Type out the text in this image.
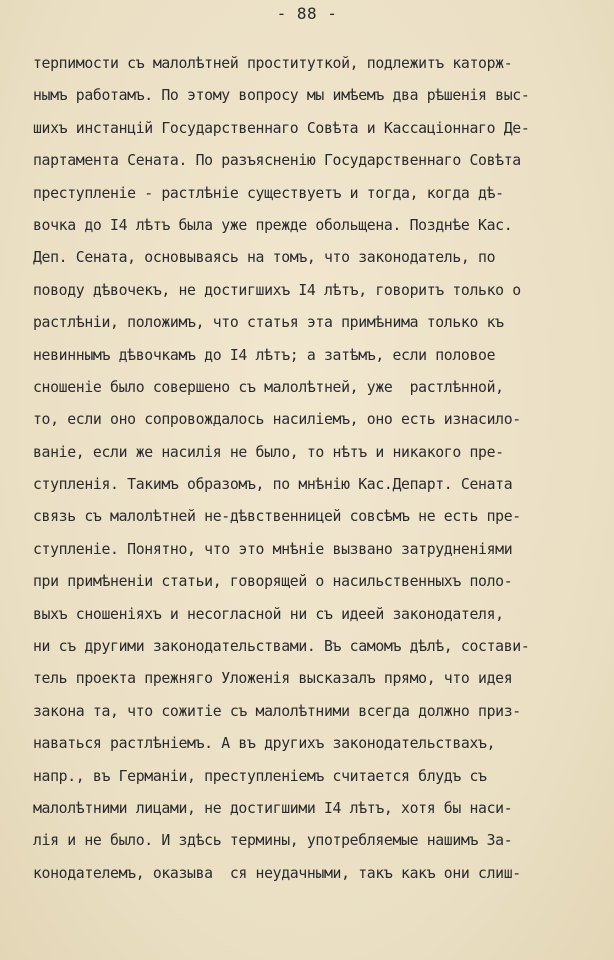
- 88 -
терпимости съ малолѣтней проституткой, подлежитъ каторж-
нымъ работамъ. По этому вопросу мы имѣемъ два рѣшенія выс-
шихъ инстанцій Государственнаго Совѣта и Кассаціоннаго Де-
партамента Сената. По разъясненію Государственнаго Совѣта
преступленіе - растлѣніе существуетъ и тогда, когда дѣ-
вочка до I4 лѣтъ была уже прежде обольщена. Позднѣе Кас.
Деп. Сената, основываясь на томъ, что законодатель, по
поводу дѣвочекъ, не достигшихъ I4 лѣтъ, говоритъ только о
растлѣніи, положимъ, что статья эта примѣнима только къ
невиннымъ дѣвочкамъ до I4 лѣтъ; а затѣмъ, если половое
сношеніе было совершено съ малолѣтней, уже  растлѣнной,
то, если оно сопровождалось насиліемъ, оно есть изнасило-
ваніе, если же насилія не было, то нѣтъ и никакого пре-
ступленія. Такимъ образомъ, по мнѣнію Кас.Департ. Сената
связь съ малолѣтней не-дѣвственницей совсѣмъ не есть пре-
ступленіе. Понятно, что это мнѣніе вызвано затрудненіями
при примѣненіи статьи, говорящей о насильственныхъ поло-
выхъ сношеніяхъ и несогласной ни съ идеей законодателя,
ни съ другими законодательствами. Въ самомъ дѣлѣ, состави-
тель проекта прежняго Уложенія высказалъ прямо, что идея
закона та, что сожитіе съ малолѣтними всегда должно приз-
наваться растлѣніемъ. А въ другихъ законодательствахъ,
напр., въ Германіи, преступленіемъ считается блудъ съ
малолѣтними лицами, не достигшими I4 лѣтъ, хотя бы наси-
лія и не было. И здѣсь термины, употребляемые нашимъ За-
конодателемъ, оказыва  ся неудачными, такъ какъ они слиш-
